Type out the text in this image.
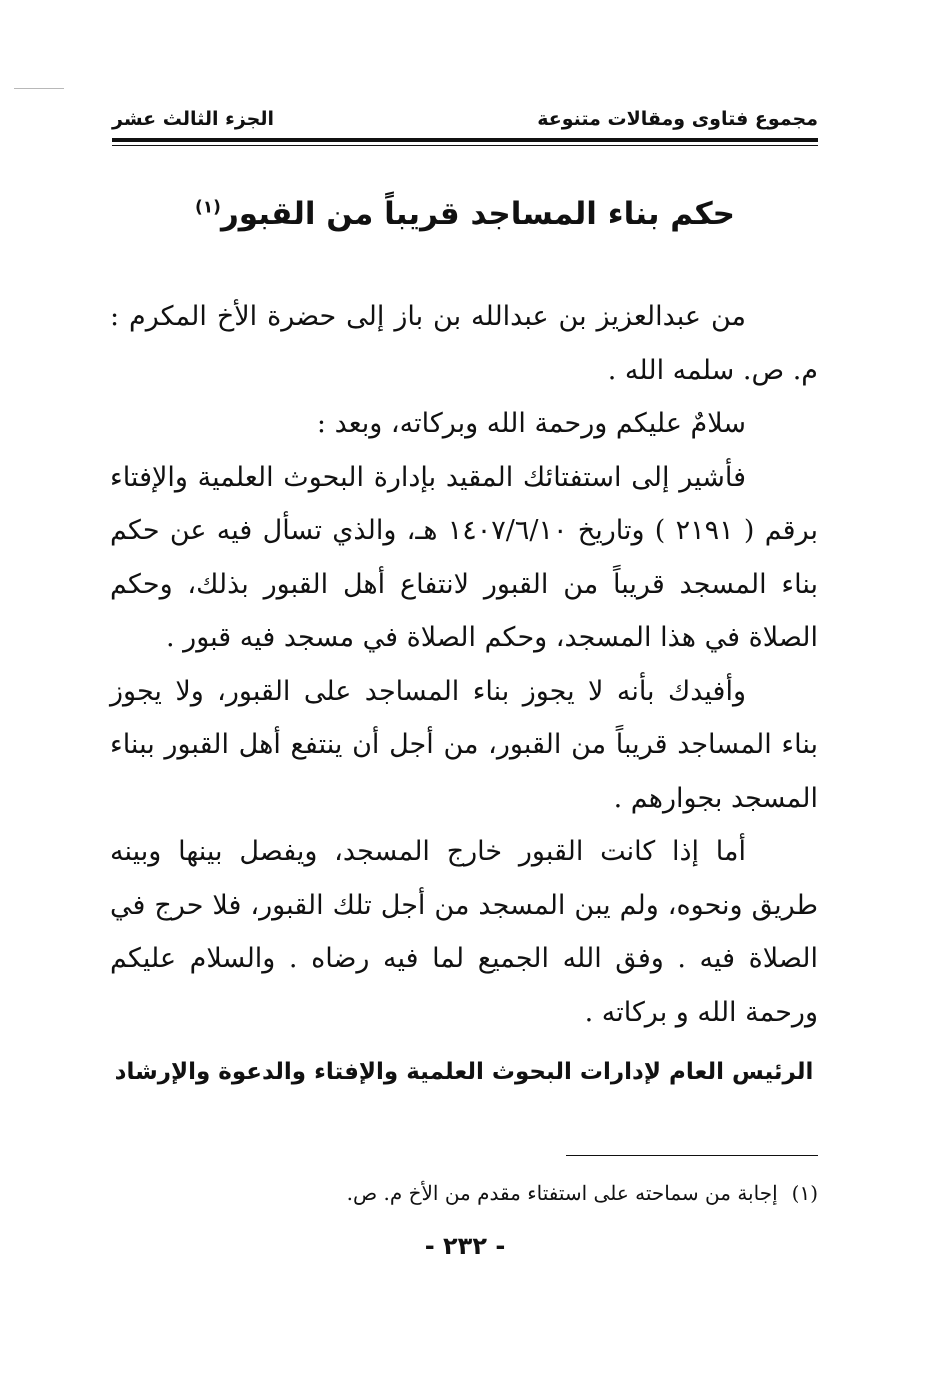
مجموع فتاوى ومقالات متنوعة
الجزء الثالث عشر
حكم بناء المساجد قريباً من القبور$^{(١)}$

من عبدالعزيز بن عبدالله بن باز إلى حضرة الأخ المكرم : م. ص. سلمه الله .

سلامٌ عليكم ورحمة الله وبركاته، وبعد :

فأشير إلى استفتائك المقيد بإدارة البحوث العلمية والإفتاء برقم ( ٢١٩١ ) وتاريخ ١٤٠٧/٦/١٠ هـ، والذي تسأل فيه عن حكم بناء المسجد قريباً من القبور لانتفاع أهل القبور بذلك، وحكم الصلاة في هذا المسجد، وحكم الصلاة في مسجد فيه قبور .

وأفيدك بأنه لا يجوز بناء المساجد على القبور، ولا يجوز بناء المساجد قريباً من القبور، من أجل أن ينتفع أهل القبور ببناء المسجد بجوارهم .

أما إذا كانت القبور خارج المسجد، ويفصل بينها وبينه طريق ونحوه، ولم يبن المسجد من أجل تلك القبور، فلا حرج في الصلاة فيه . وفق الله الجميع لما فيه رضاه . والسلام عليكم ورحمة الله و بركاته .

الرئيس العام لإدارات البحوث العلمية والإفتاء والدعوة والإرشاد

(١)إجابة من سماحته على استفتاء مقدم من الأخ م. ص.
- ٢٣٢ -
